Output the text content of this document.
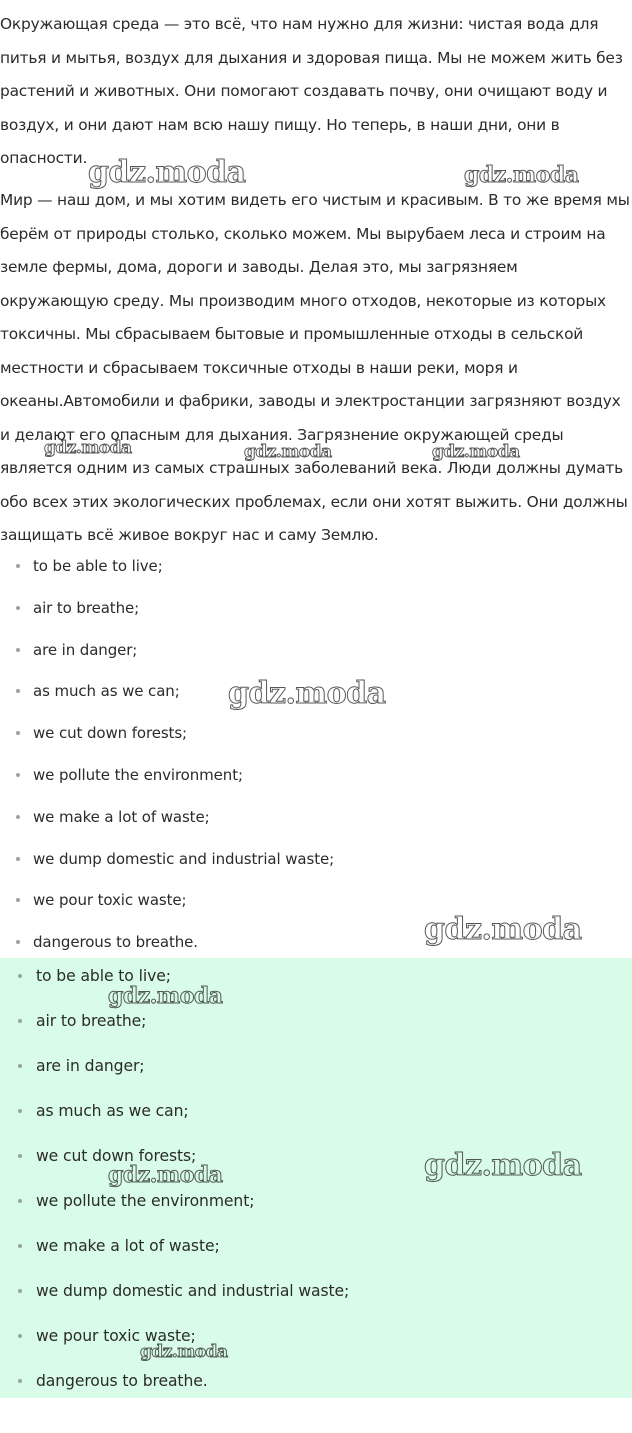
Окружающая среда — это всё, что нам нужно для жизни: чистая вода для питья и мытья, воздух для дыхания и здоровая пища. Мы не можем жить без растений и животных. Они помогают создавать почву, они очищают воду и воздух, и они дают нам всю нашу пищу. Но теперь, в наши дни, они в опасности.

Мир — наш дом, и мы хотим видеть его чистым и красивым. В то же время мы берём от природы столько, сколько можем. Мы вырубаем леса и строим на земле фермы, дома, дороги и заводы. Делая это, мы загрязняем окружающую среду. Мы производим много отходов, некоторые из которых токсичны. Мы сбрасываем бытовые и промышленные отходы в сельской местности и сбрасываем токсичные отходы в наши реки, моря и океаны.Автомобили и фабрики, заводы и электростанции загрязняют воздух и делают его опасным для дыхания. Загрязнение окружающей среды является одним из самых страшных заболеваний века. Люди должны думать обо всех этих экологических проблемах, если они хотят выжить. Они должны защищать всё живое вокруг нас и саму Землю.

to be able to live;
air to breathe;
are in danger;
as much as we can;
we cut down forests;
we pollute the environment;
we make a lot of waste;
we dump domestic and industrial waste;
we pour toxic waste;
dangerous to breathe.
to be able to live;
air to breathe;
are in danger;
as much as we can;
we cut down forests;
we pollute the environment;
we make a lot of waste;
we dump domestic and industrial waste;
we pour toxic waste;
dangerous to breathe.
gdz.moda	gdz.moda
gdz.moda	gdz.moda	gdz.moda
gdz.moda
gdz.moda
gdz.moda
gdz.moda
gdz.moda
gdz.moda
